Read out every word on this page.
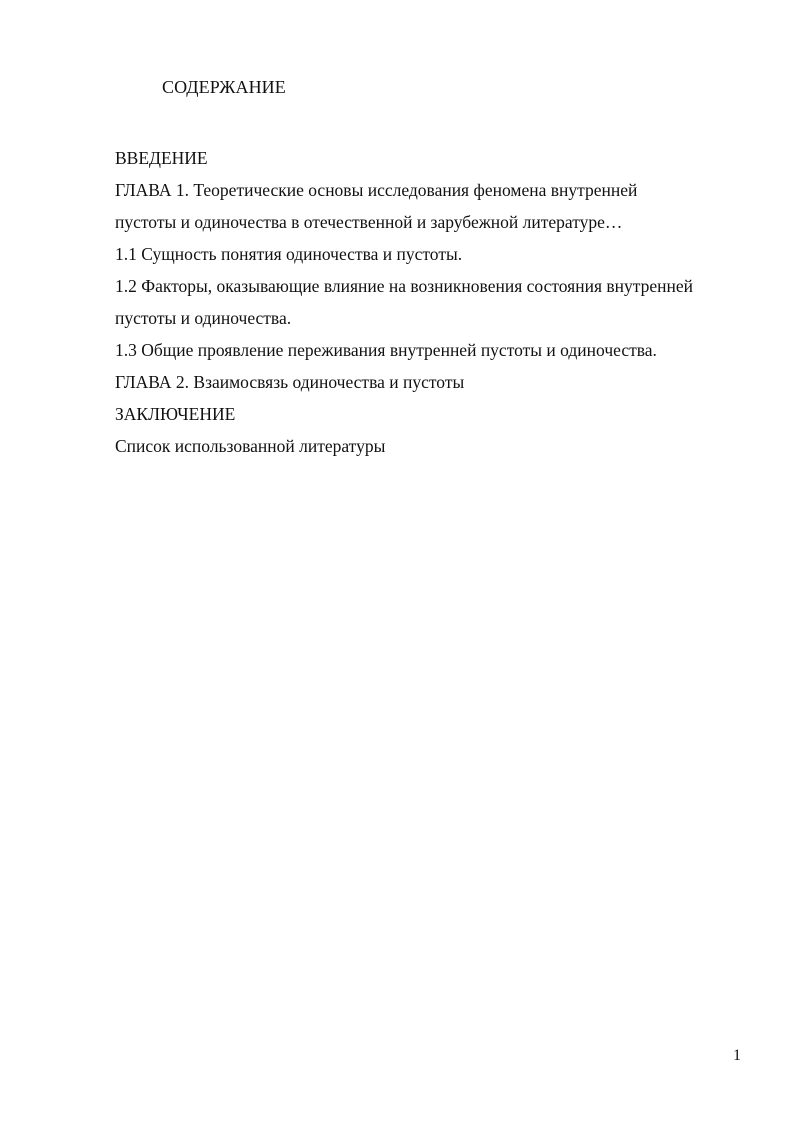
СОДЕРЖАНИЕ
ВВЕДЕНИЕ
ГЛАВА 1. Теоретические основы исследования феномена внутренней
пустоты и одиночества в отечественной и зарубежной литературе…
1.1 Сущность понятия одиночества и пустоты.
1.2 Факторы, оказывающие влияние на возникновения состояния внутренней
пустоты и одиночества.
1.3 Общие проявление переживания внутренней пустоты и одиночества.
ГЛАВА 2. Взаимосвязь одиночества и пустоты
ЗАКЛЮЧЕНИЕ
Список использованной литературы
1
